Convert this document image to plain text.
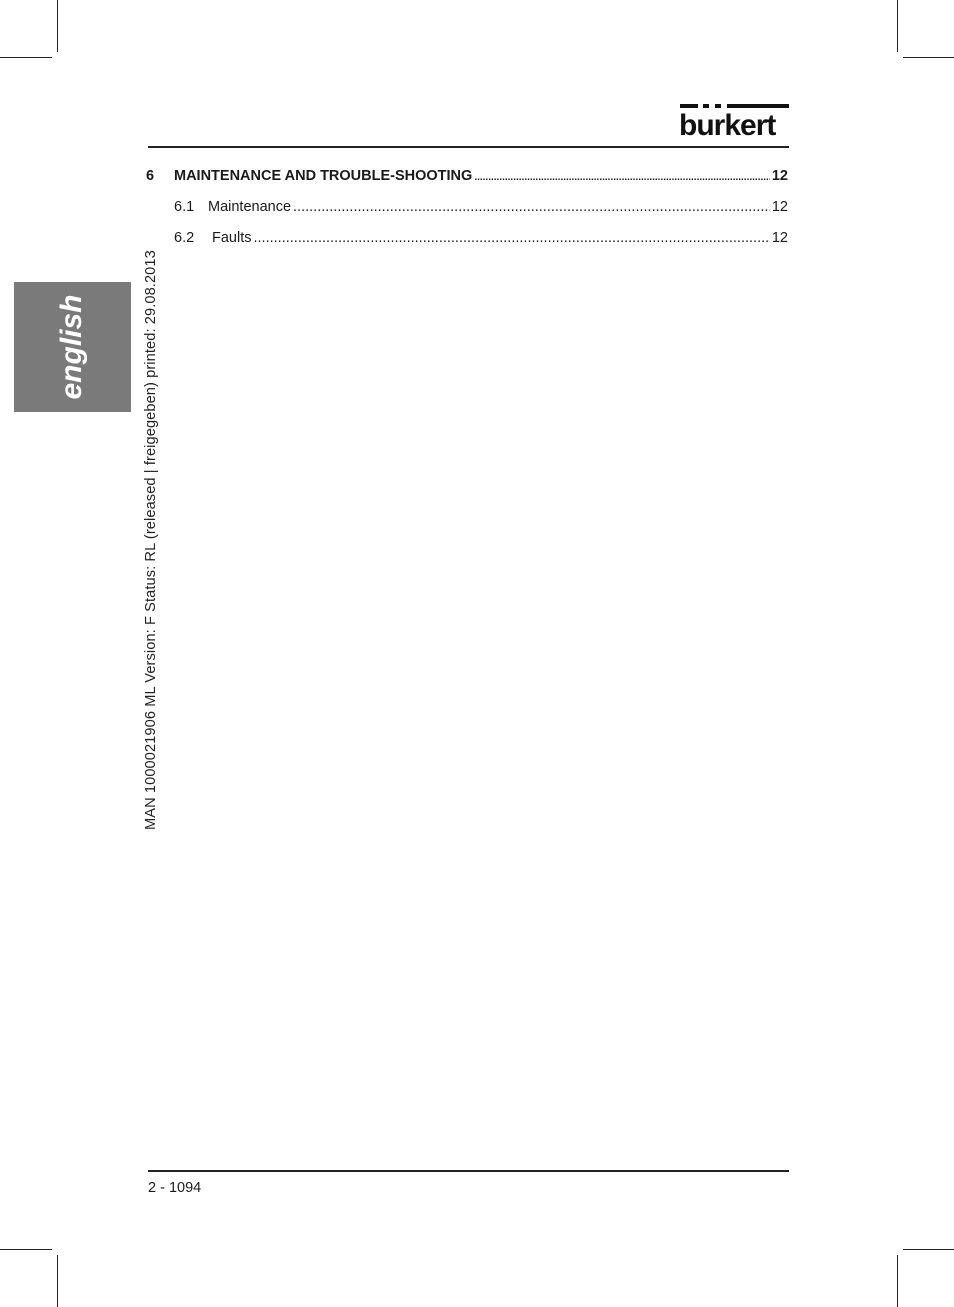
burkert
6	MAINTENANCE AND TROUBLE-SHOOTING .....	12
6.1 Maintenance .....	12
6.2	Faults .....	12
english	MAN 1000021906 ML Version: F Status: RL (released | freigegeben) printed: 29.08.2013
2 - 1094
